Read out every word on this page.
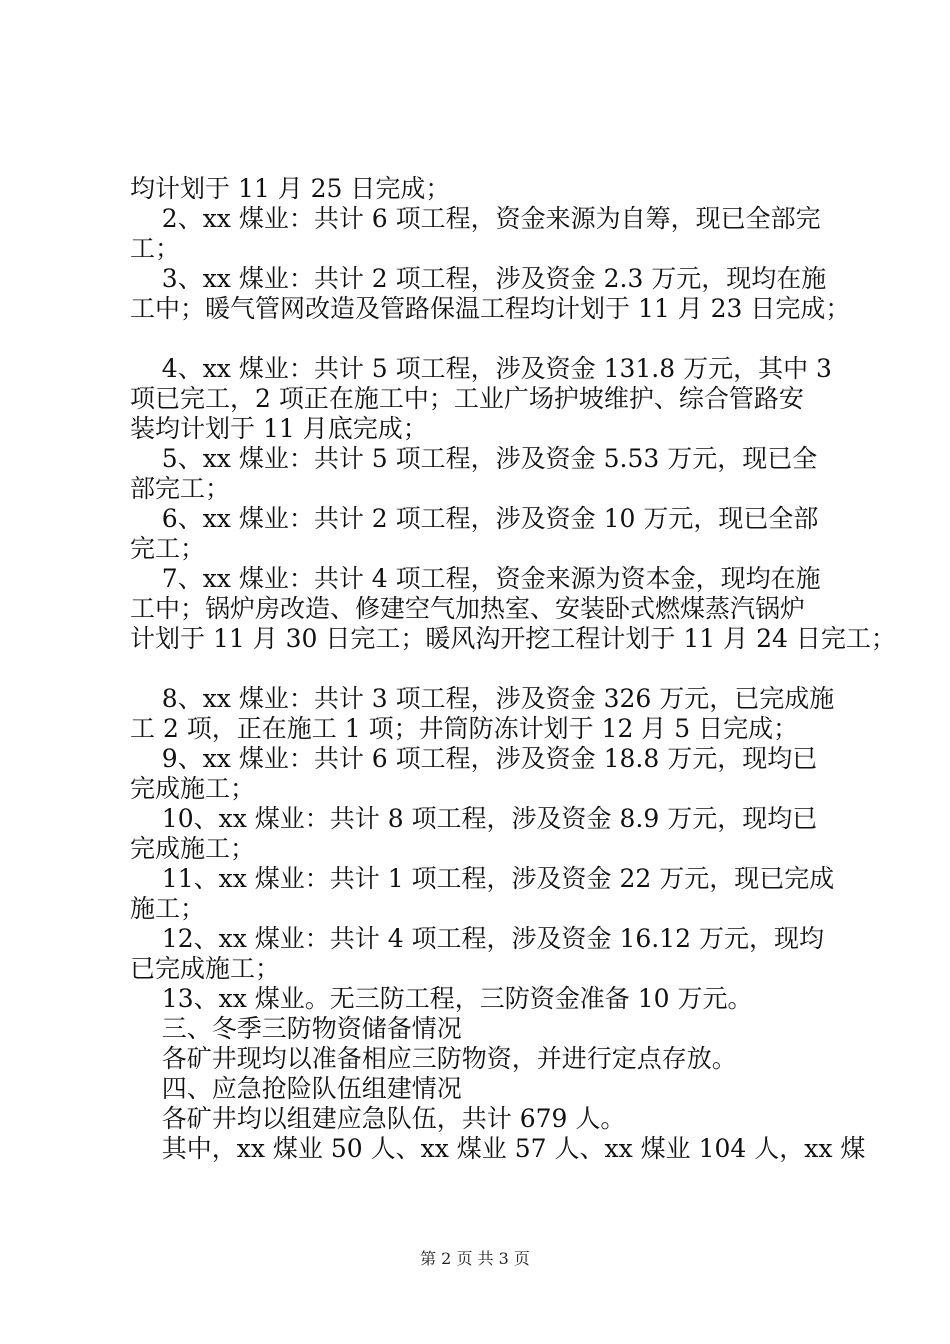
均计划于 11 月 25 日完成；
2、xx 煤业：共计 6 项工程，资金来源为自筹，现已全部完
工；
3、xx 煤业：共计 2 项工程，涉及资金 2.3 万元，现均在施
工中；暖气管网改造及管路保温工程均计划于 11 月 23 日完成；
4、xx 煤业：共计 5 项工程，涉及资金 131.8 万元，其中 3
项已完工，2 项正在施工中；工业广场护坡维护、综合管路安
装均计划于 11 月底完成；
5、xx 煤业：共计 5 项工程，涉及资金 5.53 万元，现已全
部完工；
6、xx 煤业：共计 2 项工程，涉及资金 10 万元，现已全部
完工；
7、xx 煤业：共计 4 项工程，资金来源为资本金，现均在施
工中；锅炉房改造、修建空气加热室、安装卧式燃煤蒸汽锅炉
计划于 11 月 30 日完工；暖风沟开挖工程计划于 11 月 24 日完工；
8、xx 煤业：共计 3 项工程，涉及资金 326 万元，已完成施
工 2 项，正在施工 1 项；井筒防冻计划于 12 月 5 日完成；
9、xx 煤业：共计 6 项工程，涉及资金 18.8 万元，现均已
完成施工；
10、xx 煤业：共计 8 项工程，涉及资金 8.9 万元，现均已
完成施工；
11、xx 煤业：共计 1 项工程，涉及资金 22 万元，现已完成
施工；
12、xx 煤业：共计 4 项工程，涉及资金 16.12 万元，现均
已完成施工；
13、xx 煤业。无三防工程，三防资金准备 10 万元。
三、冬季三防物资储备情况
各矿井现均以准备相应三防物资，并进行定点存放。
四、应急抢险队伍组建情况
各矿井均以组建应急队伍，共计 679 人。
其中，xx 煤业 50 人、xx 煤业 57 人、xx 煤业 104 人，xx 煤
第 2 页 共 3 页
